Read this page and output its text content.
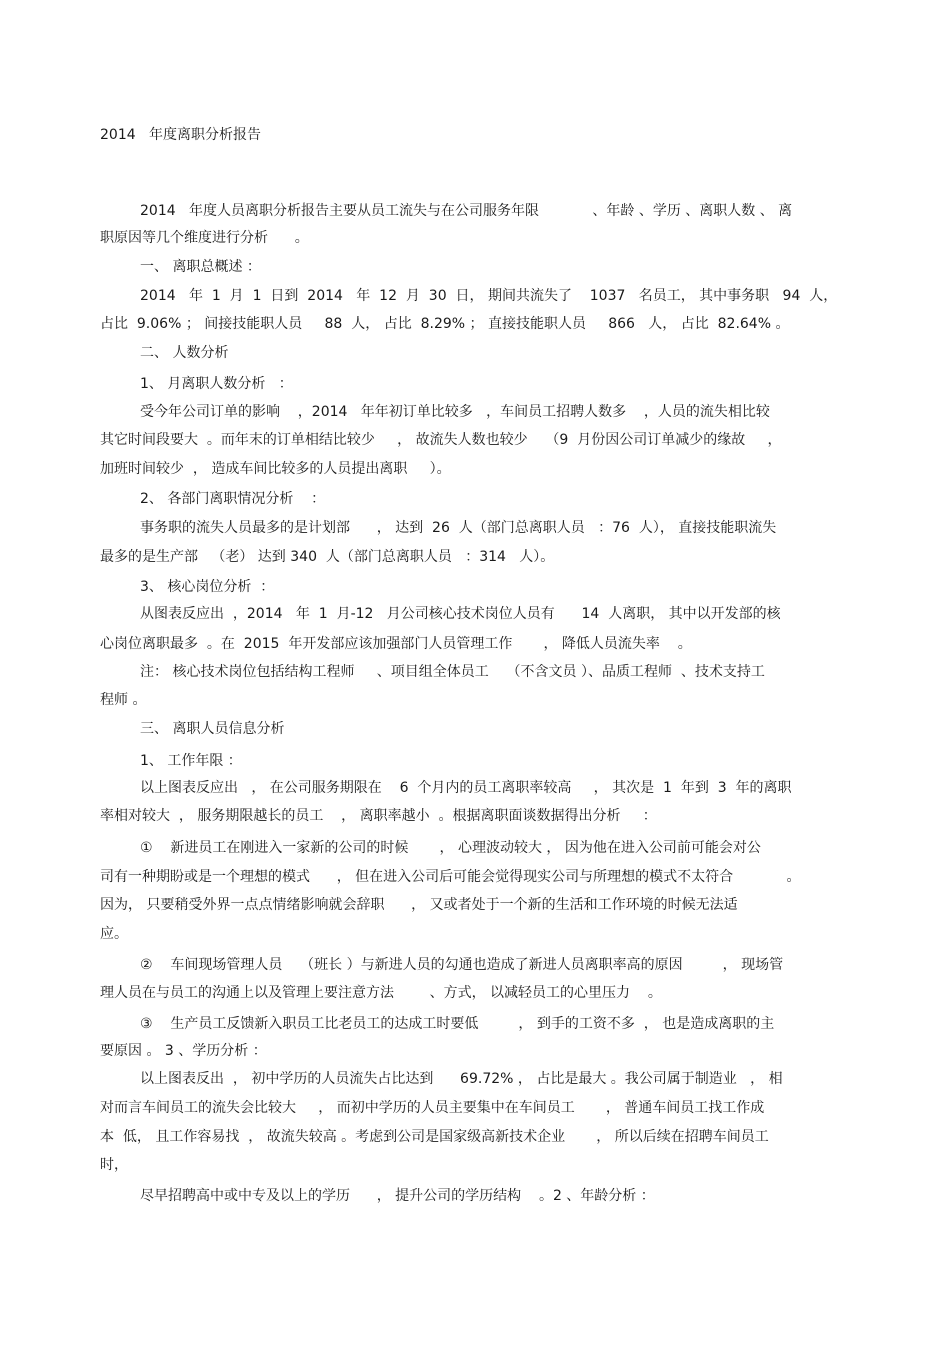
2014   年度离职分析报告
2014   年度人员离职分析报告主要从员工流失与在公司服务年限            、年龄 、学历 、离职人数 、 离
职原因等几个维度进行分析      。
一、 离职总概述 ：
2014   年  1  月  1  日到  2014   年  12  月  30  日， 期间共流失了    1037   名员工， 其中事务职   94  人，
占比  9.06% ； 间接技能职人员     88  人， 占比  8.29% ； 直接技能职人员     866   人， 占比  82.64% 。
二、 人数分析
1、 月离职人数分析   ：
受今年公司订单的影响    ，2014   年年初订单比较多   ，车间员工招聘人数多    ，人员的流失相比较
其它时间段要大  。而年末的订单相结比较少     ， 故流失人数也较少    （9  月份因公司订单减少的缘故     ，
加班时间较少  ， 造成车间比较多的人员提出离职     ）。
2、 各部门离职情况分析    ：
事务职的流失人员最多的是计划部      ， 达到  26  人（部门总离职人员   ：76  人）， 直接技能职流失
最多的是生产部   （老） 达到 340  人（部门总离职人员   ：314   人）。
3、 核心岗位分析  ：
从图表反应出  ，2014   年  1  月-12   月公司核心技术岗位人员有      14  人离职， 其中以开发部的核
心岗位离职最多  。在  2015  年开发部应该加强部门人员管理工作       ， 降低人员流失率    。
注： 核心技术岗位包括结构工程师     、项目组全体员工    （不含文员 ）、品质工程师  、技术支持工
程师 。
三、 离职人员信息分析
1、 工作年限 ：
以上图表反应出   ， 在公司服务期限在    6  个月内的员工离职率较高     ， 其次是  1  年到  3  年的离职
率相对较大  ， 服务期限越长的员工    ， 离职率越小  。根据离职面谈数据得出分析     ：
①    新进员工在刚进入一家新的公司的时候       ， 心理波动较大 ， 因为他在进入公司前可能会对公
司有一种期盼或是一个理想的模式      ， 但在进入公司后可能会觉得现实公司与所理想的模式不太符合            。
因为， 只要稍受外界一点点情绪影响就会辞职      ， 又或者处于一个新的生活和工作环境的时候无法适
应。
②    车间现场管理人员    （班长 ）与新进人员的勾通也造成了新进人员离职率高的原因         ， 现场管
理人员在与员工的沟通上以及管理上要注意方法        、方式， 以减轻员工的心里压力    。
③    生产员工反馈新入职员工比老员工的达成工时要低         ， 到手的工资不多  ， 也是造成离职的主
要原因 。 3 、学历分析 ：
以上图表反出  ， 初中学历的人员流失占比达到      69.72% ， 占比是最大 。我公司属于制造业   ， 相
对而言车间员工的流失会比较大     ， 而初中学历的人员主要集中在车间员工       ， 普通车间员工找工作成
本  低， 且工作容易找  ， 故流失较高 。考虑到公司是国家级高新技术企业       ， 所以后续在招聘车间员工
时，
尽早招聘高中或中专及以上的学历      ， 提升公司的学历结构    。2 、年龄分析 ：
